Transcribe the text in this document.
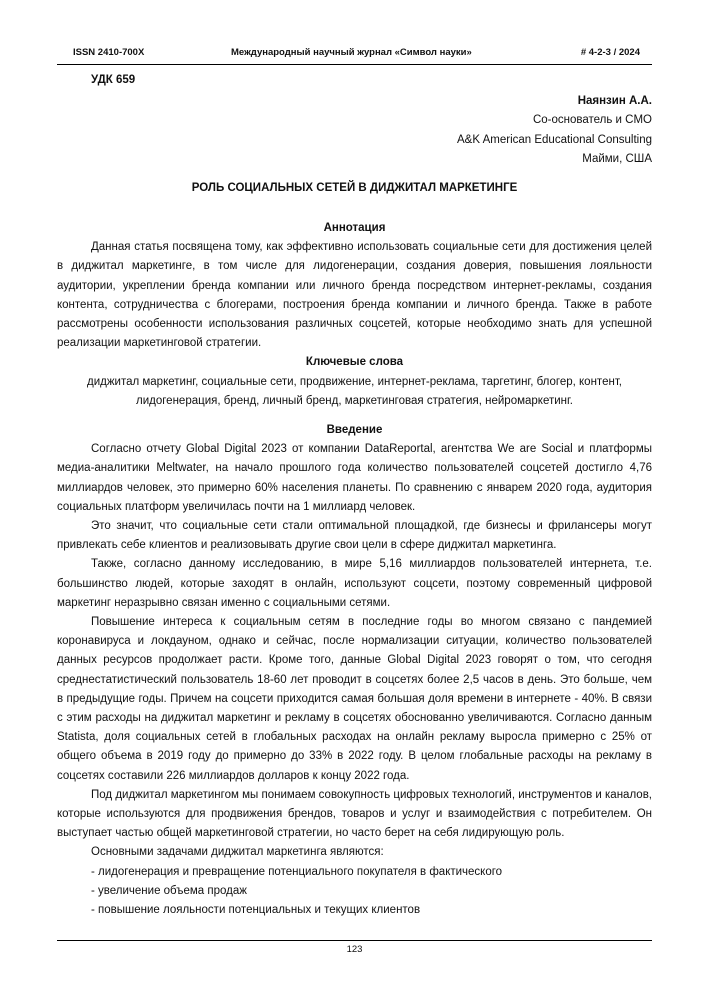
ISSN 2410-700X	Международный научный журнал «Символ науки»	# 4-2-3 / 2024
УДК 659
Наянзин А.А.
Со-основатель и CMO
A&K American Educational Consulting
Майми, США
РОЛЬ СОЦИАЛЬНЫХ СЕТЕЙ В ДИДЖИТАЛ МАРКЕТИНГЕ
Аннотация

Данная статья посвящена тому, как эффективно использовать социальные сети для достижения целей в диджитал маркетинге, в том числе для лидогенерации, создания доверия, повышения лояльности аудитории, укреплении бренда компании или личного бренда посредством интернет-рекламы, создания контента, сотрудничества с блогерами, построения бренда компании и личного бренда. Также в работе рассмотрены особенности использования различных соцсетей, которые необходимо знать для успешной реализации маркетинговой стратегии.

Ключевые слова

диджитал маркетинг, социальные сети, продвижение, интернет-реклама, таргетинг, блогер, контент, лидогенерация, бренд, личный бренд, маркетинговая стратегия, нейромаркетинг.

Введение

Согласно отчету Global Digital 2023 от компании DataReportal, агентства We are Social и платформы медиа-аналитики Meltwater, на начало прошлого года количество пользователей соцсетей достигло 4,76 миллиардов человек, это примерно 60% населения планеты. По сравнению с январем 2020 года, аудитория социальных платформ увеличилась почти на 1 миллиард человек.

Это значит, что социальные сети стали оптимальной площадкой, где бизнесы и фрилансеры могут привлекать себе клиентов и реализовывать другие свои цели в сфере диджитал маркетинга.

Также, согласно данному исследованию, в мире 5,16 миллиардов пользователей интернета, т.е. большинство людей, которые заходят в онлайн, используют соцсети, поэтому современный цифровой маркетинг неразрывно связан именно с социальными сетями.

Повышение интереса к социальным сетям в последние годы во многом связано с пандемией коронавируса и локдауном, однако и сейчас, после нормализации ситуации, количество пользователей данных ресурсов продолжает расти. Кроме того, данные Global Digital 2023 говорят о том, что сегодня среднестатистический пользователь 18-60 лет проводит в соцсетях более 2,5 часов в день. Это больше, чем в предыдущие годы. Причем на соцсети приходится самая большая доля времени в интернете - 40%. В связи с этим расходы на диджитал маркетинг и рекламу в соцсетях обоснованно увеличиваются. Согласно данным Statista, доля социальных сетей в глобальных расходах на онлайн рекламу выросла примерно с 25% от общего объема в 2019 году до примерно до 33% в 2022 году. В целом глобальные расходы на рекламу в соцсетях составили 226 миллиардов долларов к концу 2022 года.

Под диджитал маркетингом мы понимаем совокупность цифровых технологий, инструментов и каналов, которые используются для продвижения брендов, товаров и услуг и взаимодействия с потребителем. Он выступает частью общей маркетинговой стратегии, но часто берет на себя лидирующую роль.

Основными задачами диджитал маркетинга являются:

- лидогенерация и превращение потенциального покупателя в фактического
- увеличение объема продаж
- повышение лояльности потенциальных и текущих клиентов
123
